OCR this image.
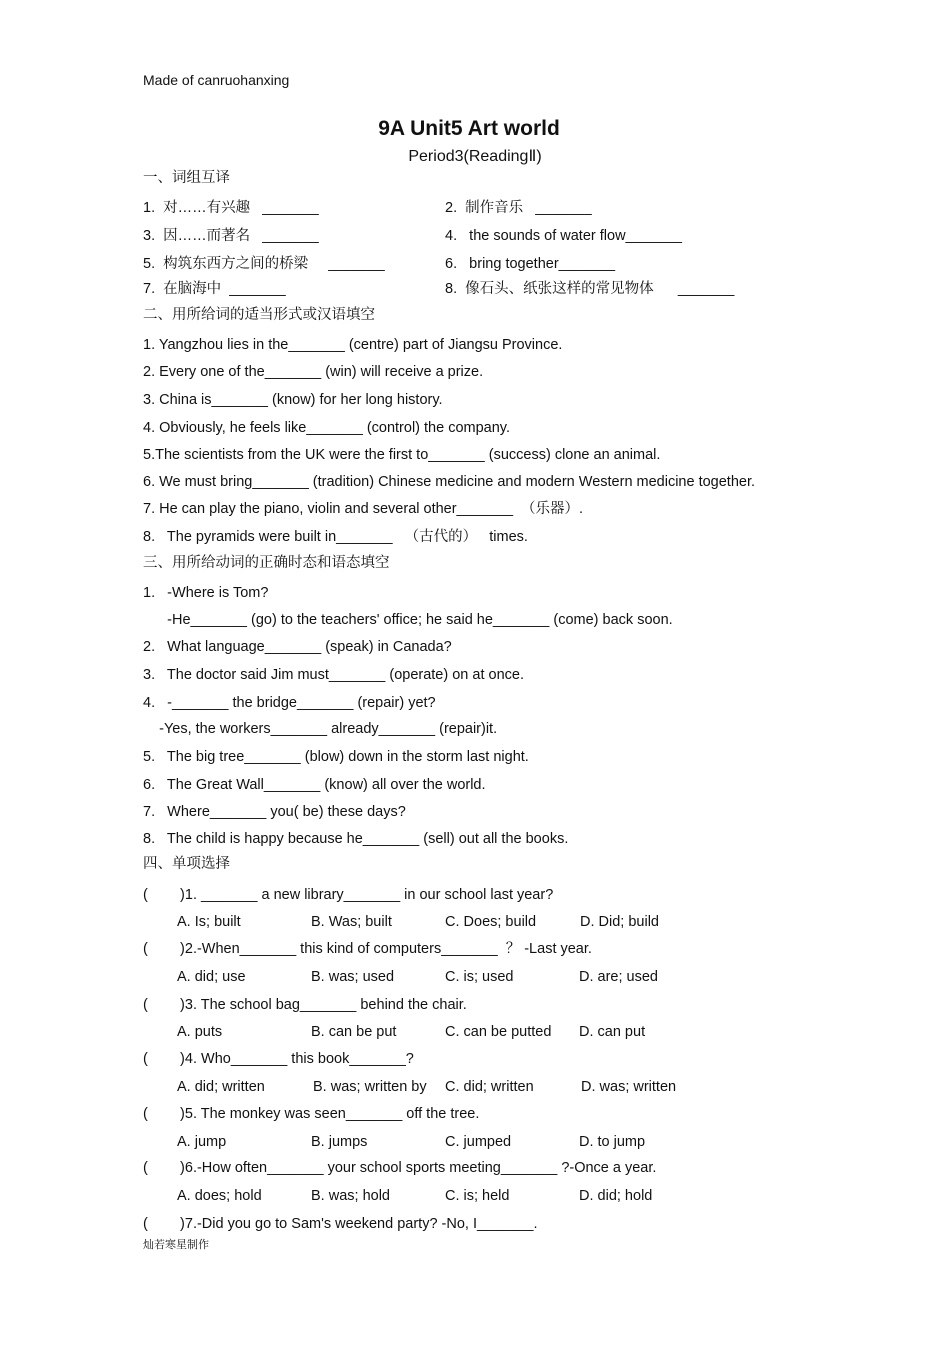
Made of canruohanxing
9A Unit5 Art world
Period3(ReadingⅡ)
一、词组互译
1.  对……有兴趣   _______	2.  制作音乐   _______
3.  因……而著名   _______	4.   the sounds of water flow_______
5.  构筑东西方之间的桥梁     _______	6.   bring together_______
7.  在脑海中  _______	8.  像石头、纸张这样的常见物体      _______
二、用所给词的适当形式或汉语填空
1. Yangzhou lies in the_______ (centre) part of Jiangsu Province.
2. Every one of the_______ (win) will receive a prize.
3. China is_______ (know) for her long history.
4. Obviously, he feels like_______ (control) the company.
5.The scientists from the UK were the first to_______ (success) clone an animal.
6. We must bring_______ (tradition) Chinese medicine and modern Western medicine together.
7. He can play the piano, violin and several other_______  （乐器）.
8.   The pyramids were built in_______   （古代的）   times.
三、用所给动词的正确时态和语态填空
1.   -Where is Tom?
-He_______ (go) to the teachers' office; he said he_______ (come) back soon.
2.   What language_______ (speak) in Canada?
3.   The doctor said Jim must_______ (operate) on at once.
4.   -_______ the bridge_______ (repair) yet?
-Yes, the workers_______ already_______ (repair)it.
5.   The big tree_______ (blow) down in the storm last night.
6.   The Great Wall_______ (know) all over the world.
7.   Where_______ you( be) these days?
8.   The child is happy because he_______ (sell) out all the books.
四、单项选择
(        )1. _______ a new library_______ in our school last year?
A. Is; built	B. Was; built	C. Does; build	D. Did; build
(        )2.-When_______ this kind of computers_______  ？ -Last year.
A. did; use	B. was; used	C. is; used	D. are; used
(        )3. The school bag_______ behind the chair.
A. puts	B. can be put	C. can be putted D. can put
(        )4. Who_______ this book_______?
A. did; written	B. was; written by C. did; written	D. was; written
(        )5. The monkey was seen_______ off the tree.
A. jump	B. jumps	C. jumped	D. to jump
(        )6.-How often_______ your school sports meeting_______ ?-Once a year.
A. does; hold	B. was; hold	C. is; held	D. did; hold
(        )7.-Did you go to Sam's weekend party? -No, I_______.
灿若寒星制作
